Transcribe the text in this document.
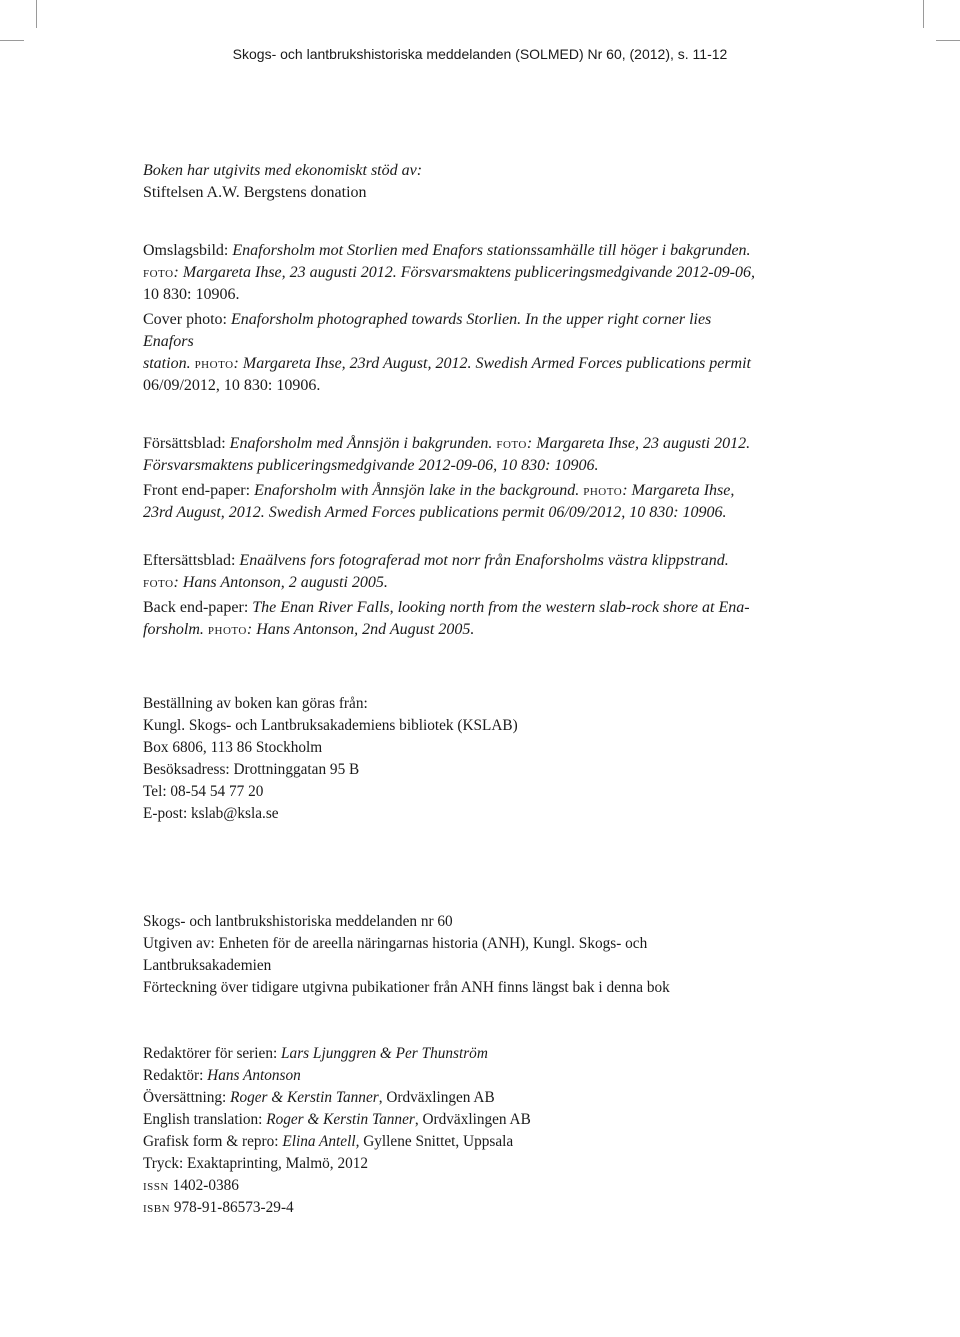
Skogs- och lantbrukshistoriska meddelanden (SOLMED) Nr 60, (2012), s. 11-12

Boken har utgivits med ekonomiskt stöd av:

Stiftelsen A.W. Bergstens donation

Omslagsbild: Enaforsholm mot Storlien med Enafors stationssamhälle till höger i bakgrunden.
foto: Margareta Ihse, 23 augusti 2012. Försvarsmaktens publiceringsmedgivande 2012-09-06,
10 830: 10906.

Cover photo: Enaforsholm photographed towards Storlien. In the upper right corner lies Enafors
station. photo: Margareta Ihse, 23rd August, 2012. Swedish Armed Forces publications permit
06/09/2012, 10 830: 10906.

Försättsblad: Enaforsholm med Ånnsjön i bakgrunden. foto: Margareta Ihse, 23 augusti 2012.
Försvarsmaktens publiceringsmedgivande 2012-09-06, 10 830: 10906.

Front end-paper: Enaforsholm with Ånnsjön lake in the background. photo: Margareta Ihse,
23rd August, 2012. Swedish Armed Forces publications permit 06/09/2012, 10 830: 10906.

Eftersättsblad: Enaälvens fors fotograferad mot norr från Enaforsholms västra klippstrand.
foto: Hans Antonson, 2 augusti 2005.

Back end-paper: The Enan River Falls, looking north from the western slab-rock shore at Ena-
forsholm. photo: Hans Antonson, 2nd August 2005.

Beställning av boken kan göras från:

Kungl. Skogs- och Lantbruksakademiens bibliotek (KSLAB)

Box 6806, 113 86 Stockholm

Besöksadress: Drottninggatan 95 B

Tel: 08-54 54 77 20

E-post: kslab@ksla.se

Skogs- och lantbrukshistoriska meddelanden nr 60

Utgiven av: Enheten för de areella näringarnas historia (ANH), Kungl. Skogs- och

Lantbruksakademien

Förteckning över tidigare utgivna pubikationer från ANH finns längst bak i denna bok

Redaktörer för serien: Lars Ljunggren & Per Thunström

Redaktör: Hans Antonson

Översättning: Roger & Kerstin Tanner, Ordväxlingen AB

English translation: Roger & Kerstin Tanner, Ordväxlingen AB

Grafisk form & repro: Elina Antell, Gyllene Snittet, Uppsala

Tryck: Exaktaprinting, Malmö, 2012

issn 1402-0386

isbn 978-91-86573-29-4
